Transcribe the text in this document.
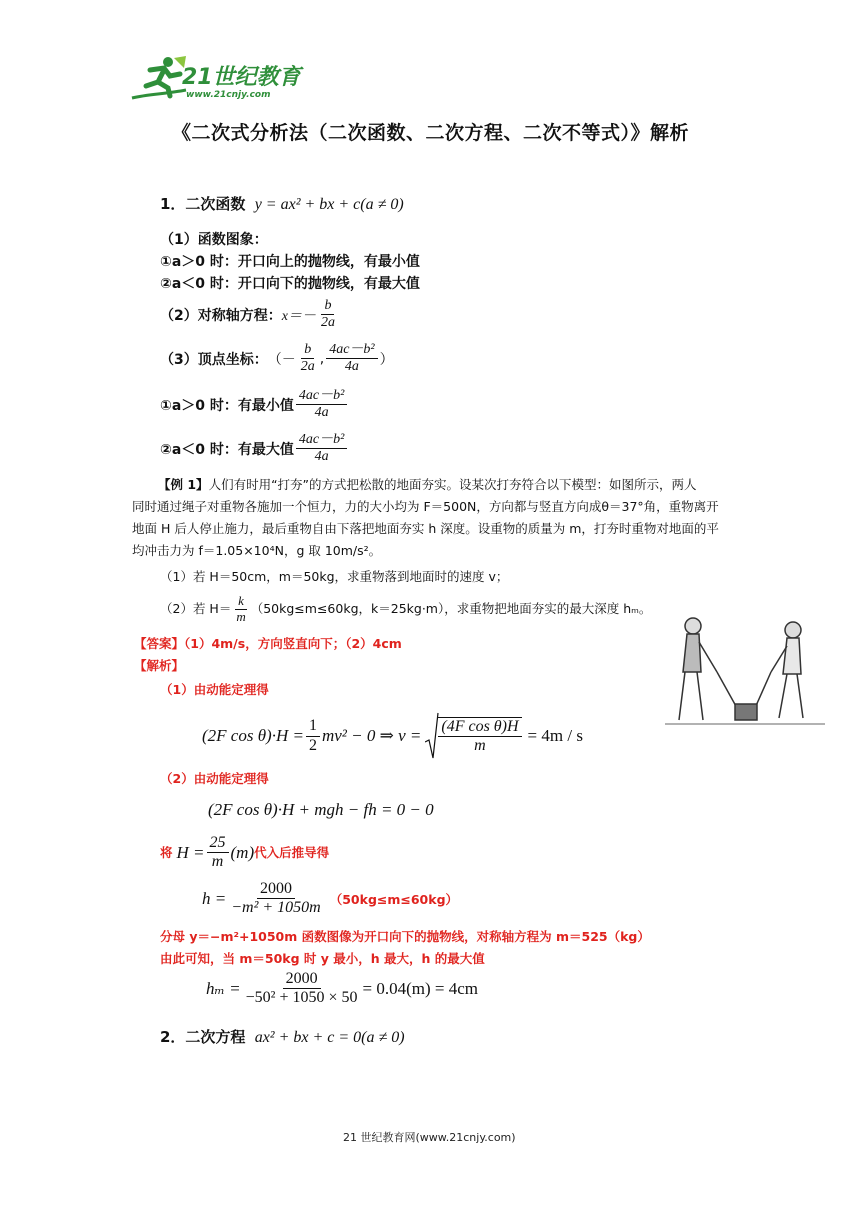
21世纪教育
www.21cnjy.com
《二次式分析法（二次函数、二次方程、二次不等式）》解析
1．二次函数 y = ax² + bx + c(a ≠ 0)
（1）函数图象：
①a＞0 时：开口向上的抛物线，有最小值
②a＜0 时：开口向下的抛物线，有最大值
（2）对称轴方程： $x=- \frac{b}{2a}$
（3）顶点坐标： （－ $\frac{b}{2a}$ , $\frac{\text{4ac－b²}}{4a}$ ）
①a＞0 时：有最小值 $\frac{\text{4ac－b²}}{4a}$
②a＜0 时：有最大值 $\frac{\text{4ac－b²}}{4a}$
【例 1】人们有时用“打夯”的方式把松散的地面夯实。设某次打夯符合以下模型：如图所示，两人
同时通过绳子对重物各施加一个恒力，力的大小均为 F＝500N，方向都与竖直方向成θ＝37°角，重物离开
地面 H 后人停止施力，最后重物自由下落把地面夯实 h 深度。设重物的质量为 m，打夯时重物对地面的平
均冲击力为 f＝1.05×10⁴N，g 取 10m/s²。
（1）若 H＝50cm，m＝50kg，求重物落到地面时的速度 v；
（2）若 $H= \frac{k}{m} (50kg\le m\le 60kg$，k＝25kg·m），求重物把地面夯实的最大深度 hₘ。
【答案】（1）4m/s，方向竖直向下；（2）4cm
【解析】
（1）由动能定理得
(2F $\cos \theta)\cdot H = \frac{1}{2} mv^2 - 0$ ⇒ $v = \frac{\text{(4F cos θ)H}}{m} = 4m / s$
（2）由动能定理得
(2F cos θ)·H + mgh − fh = 0 − 0
将 $H = \frac{25}{m} (m)$ 代入后推导得
$h = \frac{2000}{\text{−m² + 1050m}} (50kg\le m\le 60kg)$
分母 y＝−m²+1050m 函数图像为开口向下的抛物线，对称轴方程为 m＝525（kg）
由此可知，当 m＝50kg 时 y 最小，h 最大，h 的最大值
$h_m = \frac{2000}{\text{−50² + 1050 × 50}} = 0.04(m) = 4cm$
2．二次方程 ax² + bx + c = 0(a ≠ 0)
21 世纪教育网(www.21cnjy.com)
